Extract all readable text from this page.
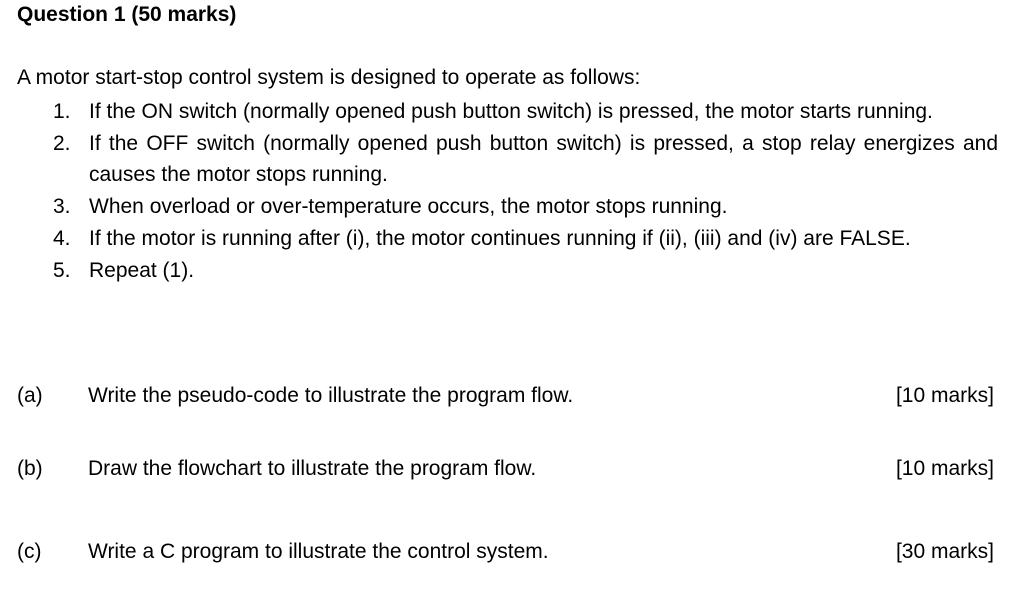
Question 1 (50 marks)
A motor start-stop control system is designed to operate as follows:
1. If the ON switch (normally opened push button switch) is pressed, the motor starts running.
2. If the OFF switch (normally opened push button switch) is pressed, a stop relay energizes and causes the motor stops running.
3. When overload or over-temperature occurs, the motor stops running.
4. If the motor is running after (i), the motor continues running if (ii), (iii) and (iv) are FALSE.
5. Repeat (1).
(a) Write the pseudo-code to illustrate the program flow.	[10 marks]
(b) Draw the flowchart to illustrate the program flow.	[10 marks]
(c) Write a C program to illustrate the control system.	[30 marks]
